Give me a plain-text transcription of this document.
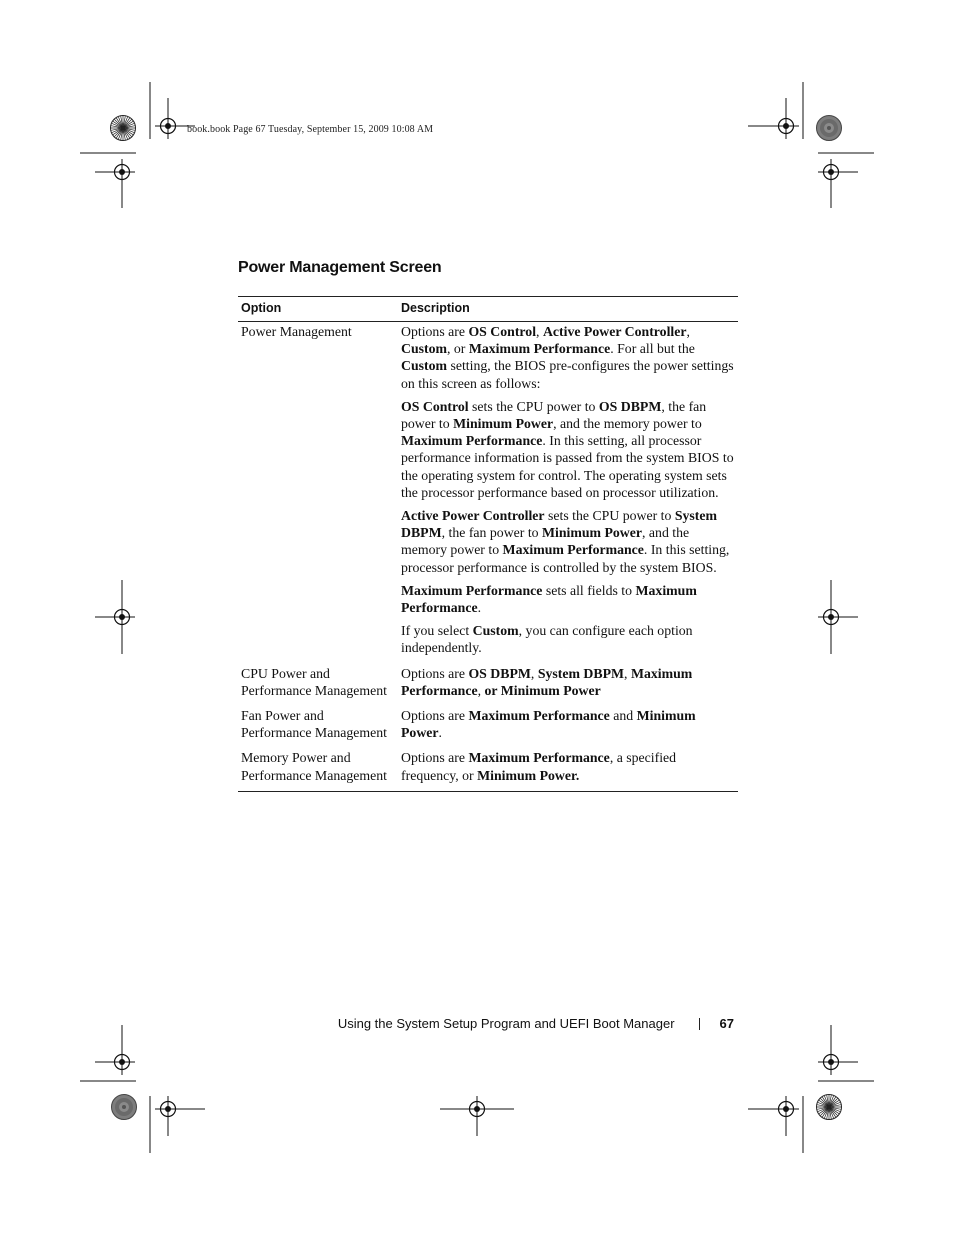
book.book Page 67 Tuesday, September 15, 2009 10:08 AM
Power Management Screen
Option	Description
Power Management	Options are OS Control, Active Power Controller, Custom, or Maximum Performance. For all but the Custom setting, the BIOS pre-configures the power settings on this screen as follows:

OS Control sets the CPU power to OS DBPM, the fan power to Minimum Power, and the memory power to Maximum Performance. In this setting, all processor performance information is passed from the system BIOS to the operating system for control. The operating system sets the processor performance based on processor utilization.

Active Power Controller sets the CPU power to System DBPM, the fan power to Minimum Power, and the memory power to Maximum Performance. In this setting, processor performance is controlled by the system BIOS.

Maximum Performance sets all fields to Maximum Performance.

If you select Custom, you can configure each option independently.

CPU Power and Performance Management	Options are OS DBPM, System DBPM, Maximum Performance, or Minimum Power

Fan Power and Performance Management	Options are Maximum Performance and Minimum Power.

Memory Power and Performance Management	Options are Maximum Performance, a specified frequency, or Minimum Power.

Using the System Setup Program and UEFI Boot Manager	67
